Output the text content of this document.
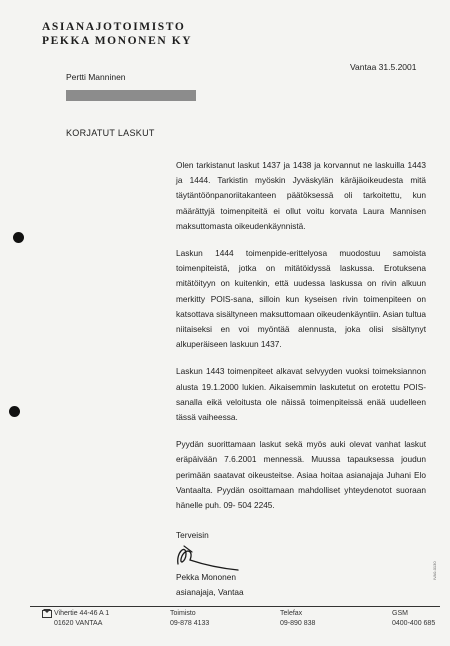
ASIANAJOTOIMISTO
PEKKA MONONEN KY
Vantaa 31.5.2001
Pertti Manninen
KORJATUT LASKUT

Olen tarkistanut laskut 1437 ja 1438 ja korvannut ne laskuilla 1443 ja 1444. Tarkistin myöskin Jyväskylän käräjäoikeudesta mitä täytäntöönpanoriitakanteen päätöksessä oli tarkoitettu, kun määrättyjä toimenpiteitä ei ollut voitu korvata Laura Mannisen maksuttomasta oikeudenkäynnistä.

Laskun 1444 toimenpide-erittelyosa muodostuu samoista toimenpiteistä, jotka on mitätöidyssä laskussa. Erotuksena mitätöityyn on kuitenkin, että uudessa laskussa on rivin alkuun merkitty POIS-sana, silloin kun kyseisen rivin toimenpiteen on katsottava sisältyneen maksuttomaan oikeudenkäyntiin. Asian tultua niitaiseksi en voi myöntää alennusta, joka olisi sisältynyt alkuperäiseen laskuun 1437.

Laskun 1443 toimenpiteet alkavat selvyyden vuoksi toimeksiannon alusta 19.1.2000 lukien. Aikaisemmin laskutetut on erotettu POIS-sanalla eikä veloitusta ole näissä toimenpiteissä enää uudelleen tässä vaiheessa.

Pyydän suorittamaan laskut sekä myös auki olevat vanhat laskut eräpäivään 7.6.2001 mennessä. Muussa tapauksessa joudun perimään saatavat oikeusteitse. Asiaa hoitaa asianajaja Juhani Elo Vantaalta. Pyydän osoittamaan mahdolliset yhteydenotot suoraan hänelle puh. 09- 504 2245.

Terveisin
Pekka Mononen
asianajaja, Vantaa
IVA0-0130
Vihertie 44-46 A 1
01620 VANTAA
Toimisto
09-878 4133
Telefax
09-890 838
GSM
0400-400 685
